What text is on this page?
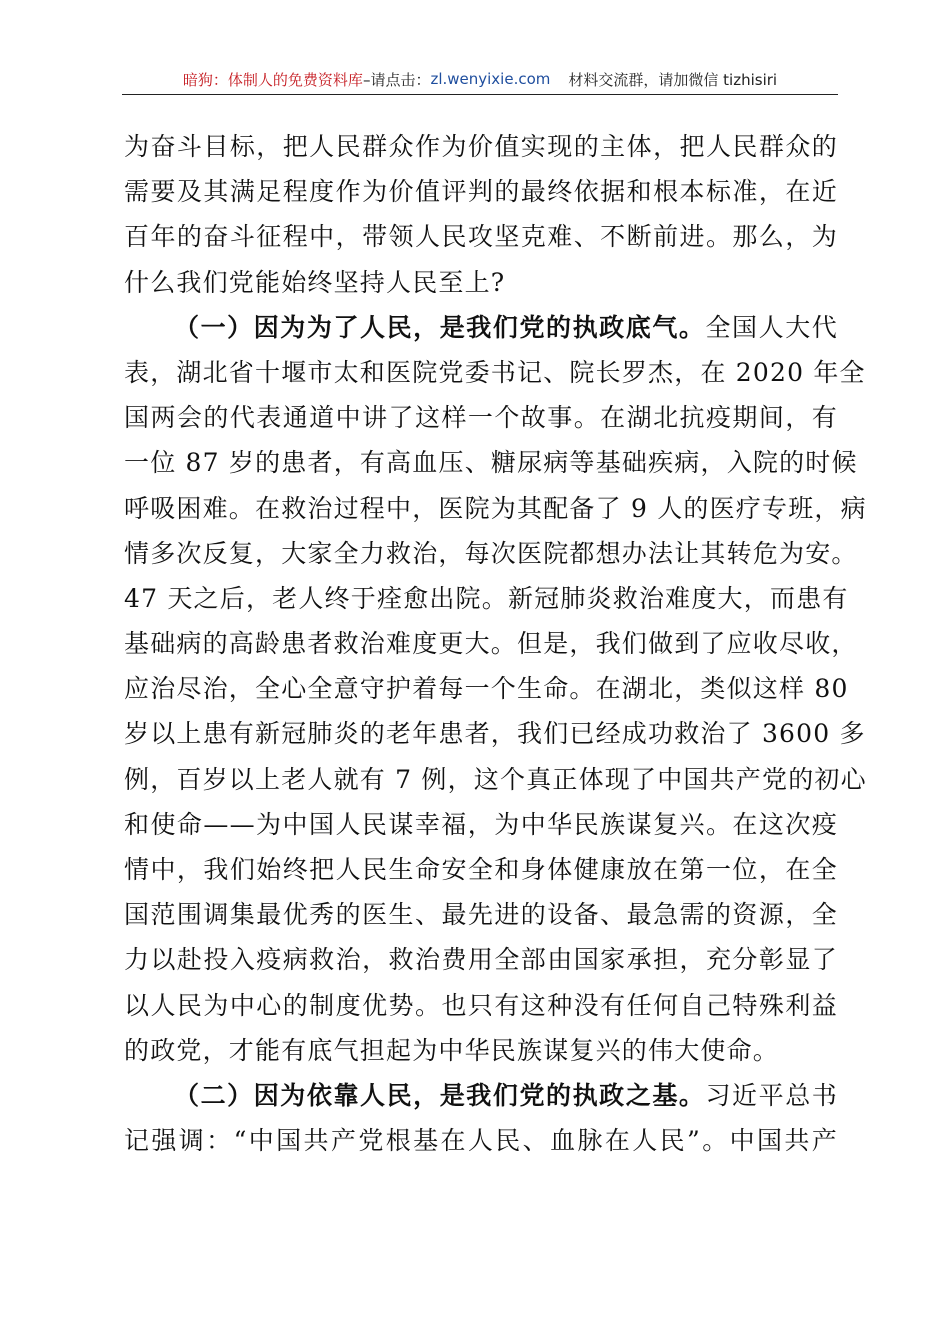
暗狗：体制人的免费资料库 –请点击： zl.wenyixie.com 材料交流群，请加微信 tizhisiri
为奋斗目标，把人民群众作为价值实现的主体，把人民群众的
需要及其满足程度作为价值评判的最终依据和根本标准，在近
百年的奋斗征程中，带领人民攻坚克难、不断前进。那么，为
什么我们党能始终坚持人民至上?
（一）因为为了人民，是我们党的执政底气。全国人大代
表，湖北省十堰市太和医院党委书记、院长罗杰，在 2020 年全
国两会的代表通道中讲了这样一个故事。在湖北抗疫期间，有
一位 87 岁的患者，有高血压、糖尿病等基础疾病，入院的时候
呼吸困难。在救治过程中，医院为其配备了 9 人的医疗专班，病
情多次反复，大家全力救治，每次医院都想办法让其转危为安。
47 天之后，老人终于痊愈出院。新冠肺炎救治难度大，而患有
基础病的高龄患者救治难度更大。但是，我们做到了应收尽收，
应治尽治，全心全意守护着每一个生命。在湖北，类似这样 80
岁以上患有新冠肺炎的老年患者，我们已经成功救治了 3600 多
例，百岁以上老人就有 7 例，这个真正体现了中国共产党的初心
和使命——为中国人民谋幸福，为中华民族谋复兴。在这次疫
情中，我们始终把人民生命安全和身体健康放在第一位，在全
国范围调集最优秀的医生、最先进的设备、最急需的资源，全
力以赴投入疫病救治，救治费用全部由国家承担，充分彰显了
以人民为中心的制度优势。也只有这种没有任何自己特殊利益
的政党，才能有底气担起为中华民族谋复兴的伟大使命。
（二）因为依靠人民，是我们党的执政之基。习近平总书
记强调：“中国共产党根基在人民、血脉在人民”。中国共产
